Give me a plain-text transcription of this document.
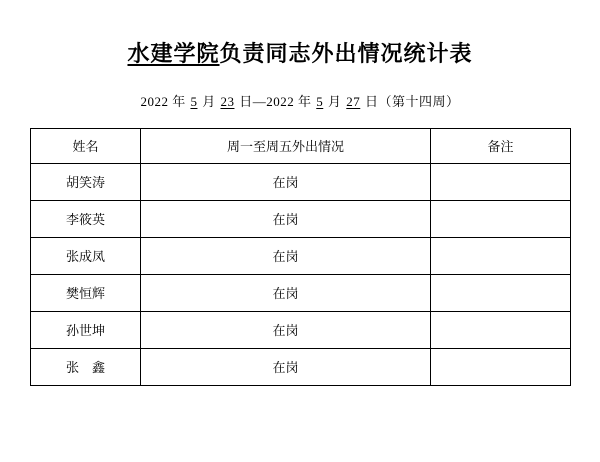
水建学院负责同志外出情况统计表
2022 年 5 月 23 日—2022 年 5 月 27 日（第十四周）
姓名	周一至周五外出情况	备注
胡笑涛	在岗	
李筱英	在岗	
张成凤	在岗	
樊恒辉	在岗	
孙世坤	在岗	
张　鑫	在岗	
